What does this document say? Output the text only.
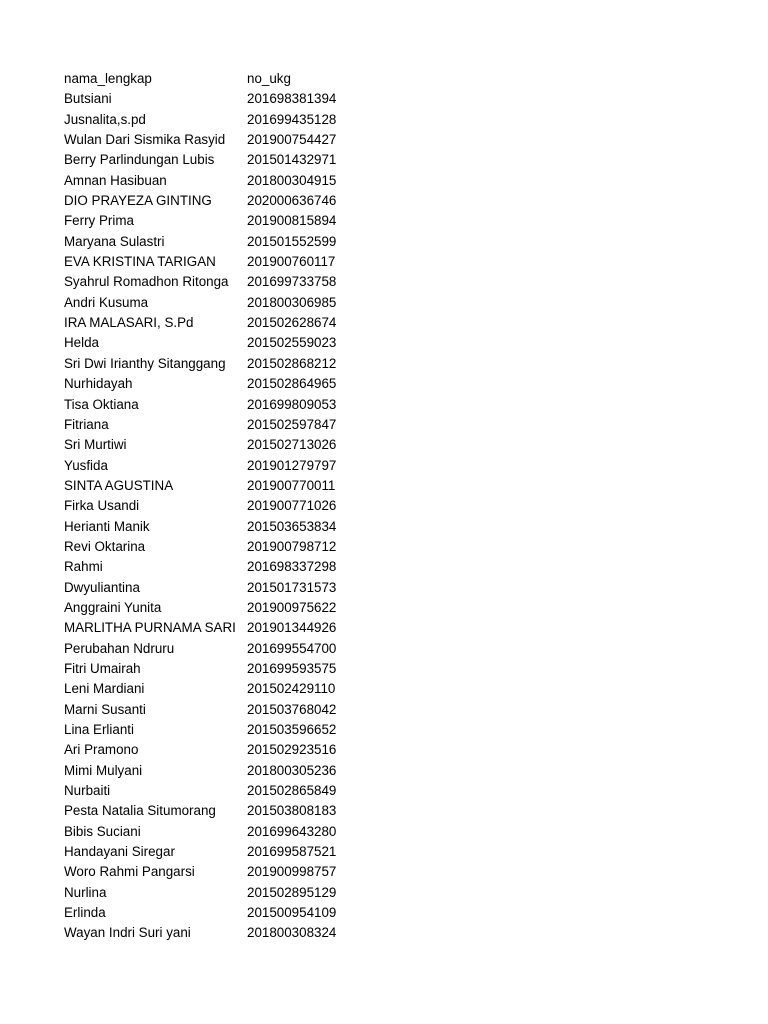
nama_lengkap	no_ukg
Butsiani	201698381394
Jusnalita,s.pd	201699435128
Wulan Dari Sismika Rasyid	201900754427
Berry Parlindungan Lubis	201501432971
Amnan Hasibuan	201800304915
DIO PRAYEZA GINTING	202000636746
Ferry Prima	201900815894
Maryana Sulastri	201501552599
EVA KRISTINA TARIGAN	201900760117
Syahrul Romadhon Ritonga	201699733758
Andri Kusuma	201800306985
IRA MALASARI, S.Pd	201502628674
Helda	201502559023
Sri Dwi Irianthy Sitanggang	201502868212
Nurhidayah	201502864965
Tisa Oktiana	201699809053
Fitriana	201502597847
Sri Murtiwi	201502713026
Yusfida	201901279797
SINTA AGUSTINA	201900770011
Firka Usandi	201900771026
Herianti Manik	201503653834
Revi Oktarina	201900798712
Rahmi	201698337298
Dwyuliantina	201501731573
Anggraini Yunita	201900975622
MARLITHA PURNAMA SARI 201901344926
Perubahan Ndruru	201699554700
Fitri Umairah	201699593575
Leni Mardiani	201502429110
Marni Susanti	201503768042
Lina Erlianti	201503596652
Ari Pramono	201502923516
Mimi Mulyani	201800305236
Nurbaiti	201502865849
Pesta Natalia Situmorang	201503808183
Bibis Suciani	201699643280
Handayani Siregar	201699587521
Woro Rahmi Pangarsi	201900998757
Nurlina	201502895129
Erlinda	201500954109
Wayan Indri Suri yani	201800308324
